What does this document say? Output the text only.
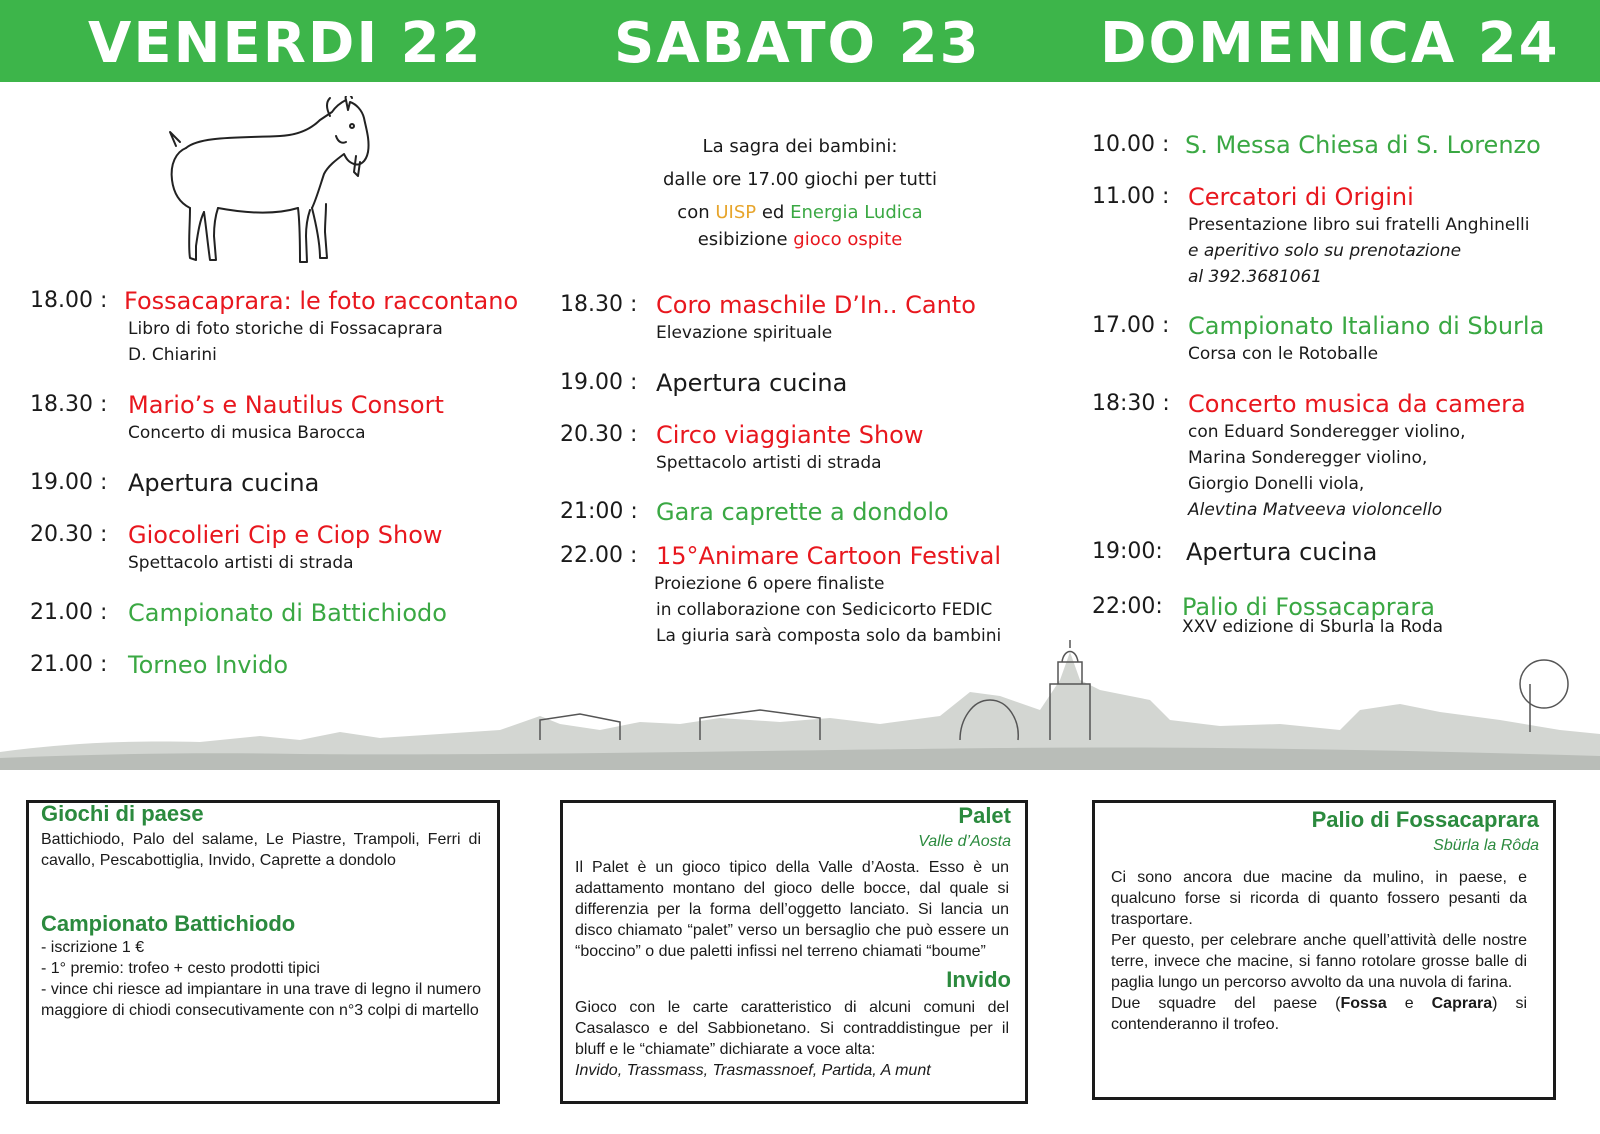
VENERDI 22 SABATO 23 DOMENICA 24
18.00 : Fossacaprara: le foto raccontano
Libro di foto storiche di Fossacaprara
D. Chiarini
18.30 : Mario’s e Nautilus Consort
Concerto di musica Barocca
19.00 : Apertura cucina
20.30 : Giocolieri Cip e Ciop Show
Spettacolo artisti di strada
21.00 : Campionato di Battichiodo
21.00 : Torneo Invido
La sagra dei bambini:
dalle ore 17.00 giochi per tutti
con UISP ed Energia Ludica
esibizione gioco ospite
18.30 : Coro maschile D’In.. Canto
Elevazione spirituale
19.00 : Apertura cucina
20.30 : Circo viaggiante Show
Spettacolo artisti di strada
21:00 : Gara caprette a dondolo
22.00 : 15°Animare Cartoon Festival
Proiezione 6 opere finaliste
in collaborazione con Sedicicorto FEDIC
La giuria sarà composta solo da bambini
10.00 : S. Messa Chiesa di S. Lorenzo
11.00 : Cercatori di Origini
Presentazione libro sui fratelli Anghinelli
e aperitivo solo su prenotazione
al 392.3681061
17.00 : Campionato Italiano di Sburla
Corsa con le Rotoballe
18:30 : Concerto musica da camera
con Eduard Sonderegger violino,
Marina Sonderegger violino,
Giorgio Donelli viola,
Alevtina Matveeva violoncello
19:00: Apertura cucina
22:00: Palio di Fossacaprara
XXV edizione di Sburla la Roda
Giochi di paese
Battichiodo, Palo del salame, Le Piastre, Trampoli, Ferri di cavallo, Pescabottiglia, Invido, Caprette a dondolo
Campionato Battichiodo
- iscrizione 1 €
- 1° premio: trofeo + cesto prodotti tipici
- vince chi riesce ad impiantare in una trave di legno il numero maggiore di chiodi consecutivamente con n°3 colpi di martello
Palet
Valle d’Aosta
Il Palet è un gioco tipico della Valle d’Aosta. Esso è un adattamento montano del gioco delle bocce, dal quale si differenzia per la forma dell’oggetto lanciato. Si lancia un disco chiamato “palet” verso un bersaglio che può essere un “boccino” o due paletti infissi nel terreno chiamati “boume”
Invido
Gioco con le carte caratteristico di alcuni comuni del Casalasco e del Sabbionetano. Si contraddistingue per il bluff e le “chiamate” dichiarate a voce alta:
Invido, Trassmass, Trasmassnoef, Partida, A munt
Palio di Fossacaprara
Sbürla la Rôda
Ci sono ancora due macine da mulino, in paese, e qualcuno forse si ricorda di quanto fossero pesanti da trasportare.
Per questo, per celebrare anche quell’attività delle nostre terre, invece che macine, si fanno rotolare grosse balle di paglia lungo un percorso avvolto da una nuvola di farina.
Due squadre del paese (Fossa e Caprara) si contenderanno il trofeo.
